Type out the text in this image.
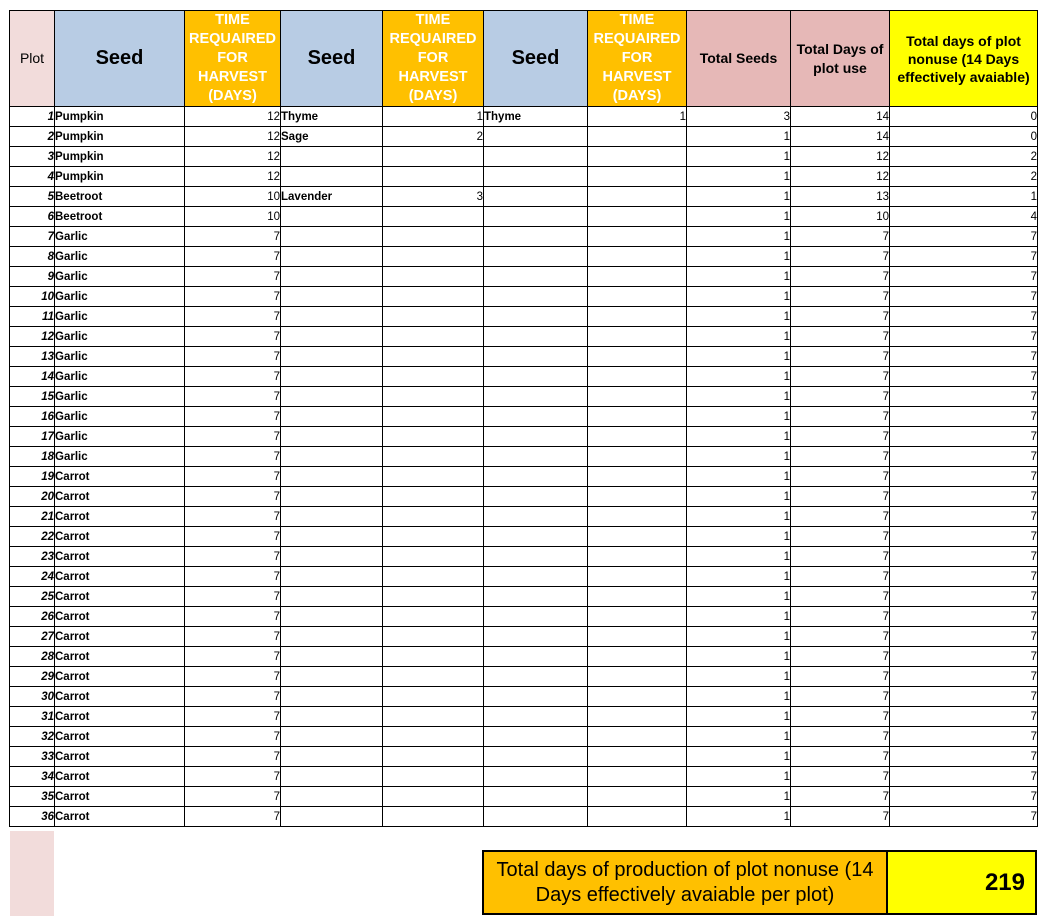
Plot	Seed	TIME REQUAIRED FOR HARVEST (DAYS)	Seed	TIME REQUAIRED FOR HARVEST (DAYS)	Seed	TIME REQUAIRED FOR HARVEST (DAYS)	Total Seeds	Total Days of plot use	Total days of plot nonuse (14 Days effectively avaiable)
1	Pumpkin	12	Thyme	1	Thyme	1	3	14	0
2	Pumpkin	12	Sage	2			1	14	0
3	Pumpkin	12					1	12	2
4	Pumpkin	12					1	12	2
5	Beetroot	10	Lavender	3			1	13	1
6	Beetroot	10					1	10	4
7	Garlic	7					1	7	7
8	Garlic	7					1	7	7
9	Garlic	7					1	7	7
10	Garlic	7					1	7	7
11	Garlic	7					1	7	7
12	Garlic	7					1	7	7
13	Garlic	7					1	7	7
14	Garlic	7					1	7	7
15	Garlic	7					1	7	7
16	Garlic	7					1	7	7
17	Garlic	7					1	7	7
18	Garlic	7					1	7	7
19	Carrot	7					1	7	7
20	Carrot	7					1	7	7
21	Carrot	7					1	7	7
22	Carrot	7					1	7	7
23	Carrot	7					1	7	7
24	Carrot	7					1	7	7
25	Carrot	7					1	7	7
26	Carrot	7					1	7	7
27	Carrot	7					1	7	7
28	Carrot	7					1	7	7
29	Carrot	7					1	7	7
30	Carrot	7					1	7	7
31	Carrot	7					1	7	7
32	Carrot	7					1	7	7
33	Carrot	7					1	7	7
34	Carrot	7					1	7	7
35	Carrot	7					1	7	7
36	Carrot	7					1	7	7
Total days of production of plot nonuse (14 Days effectively avaiable per plot)	219
